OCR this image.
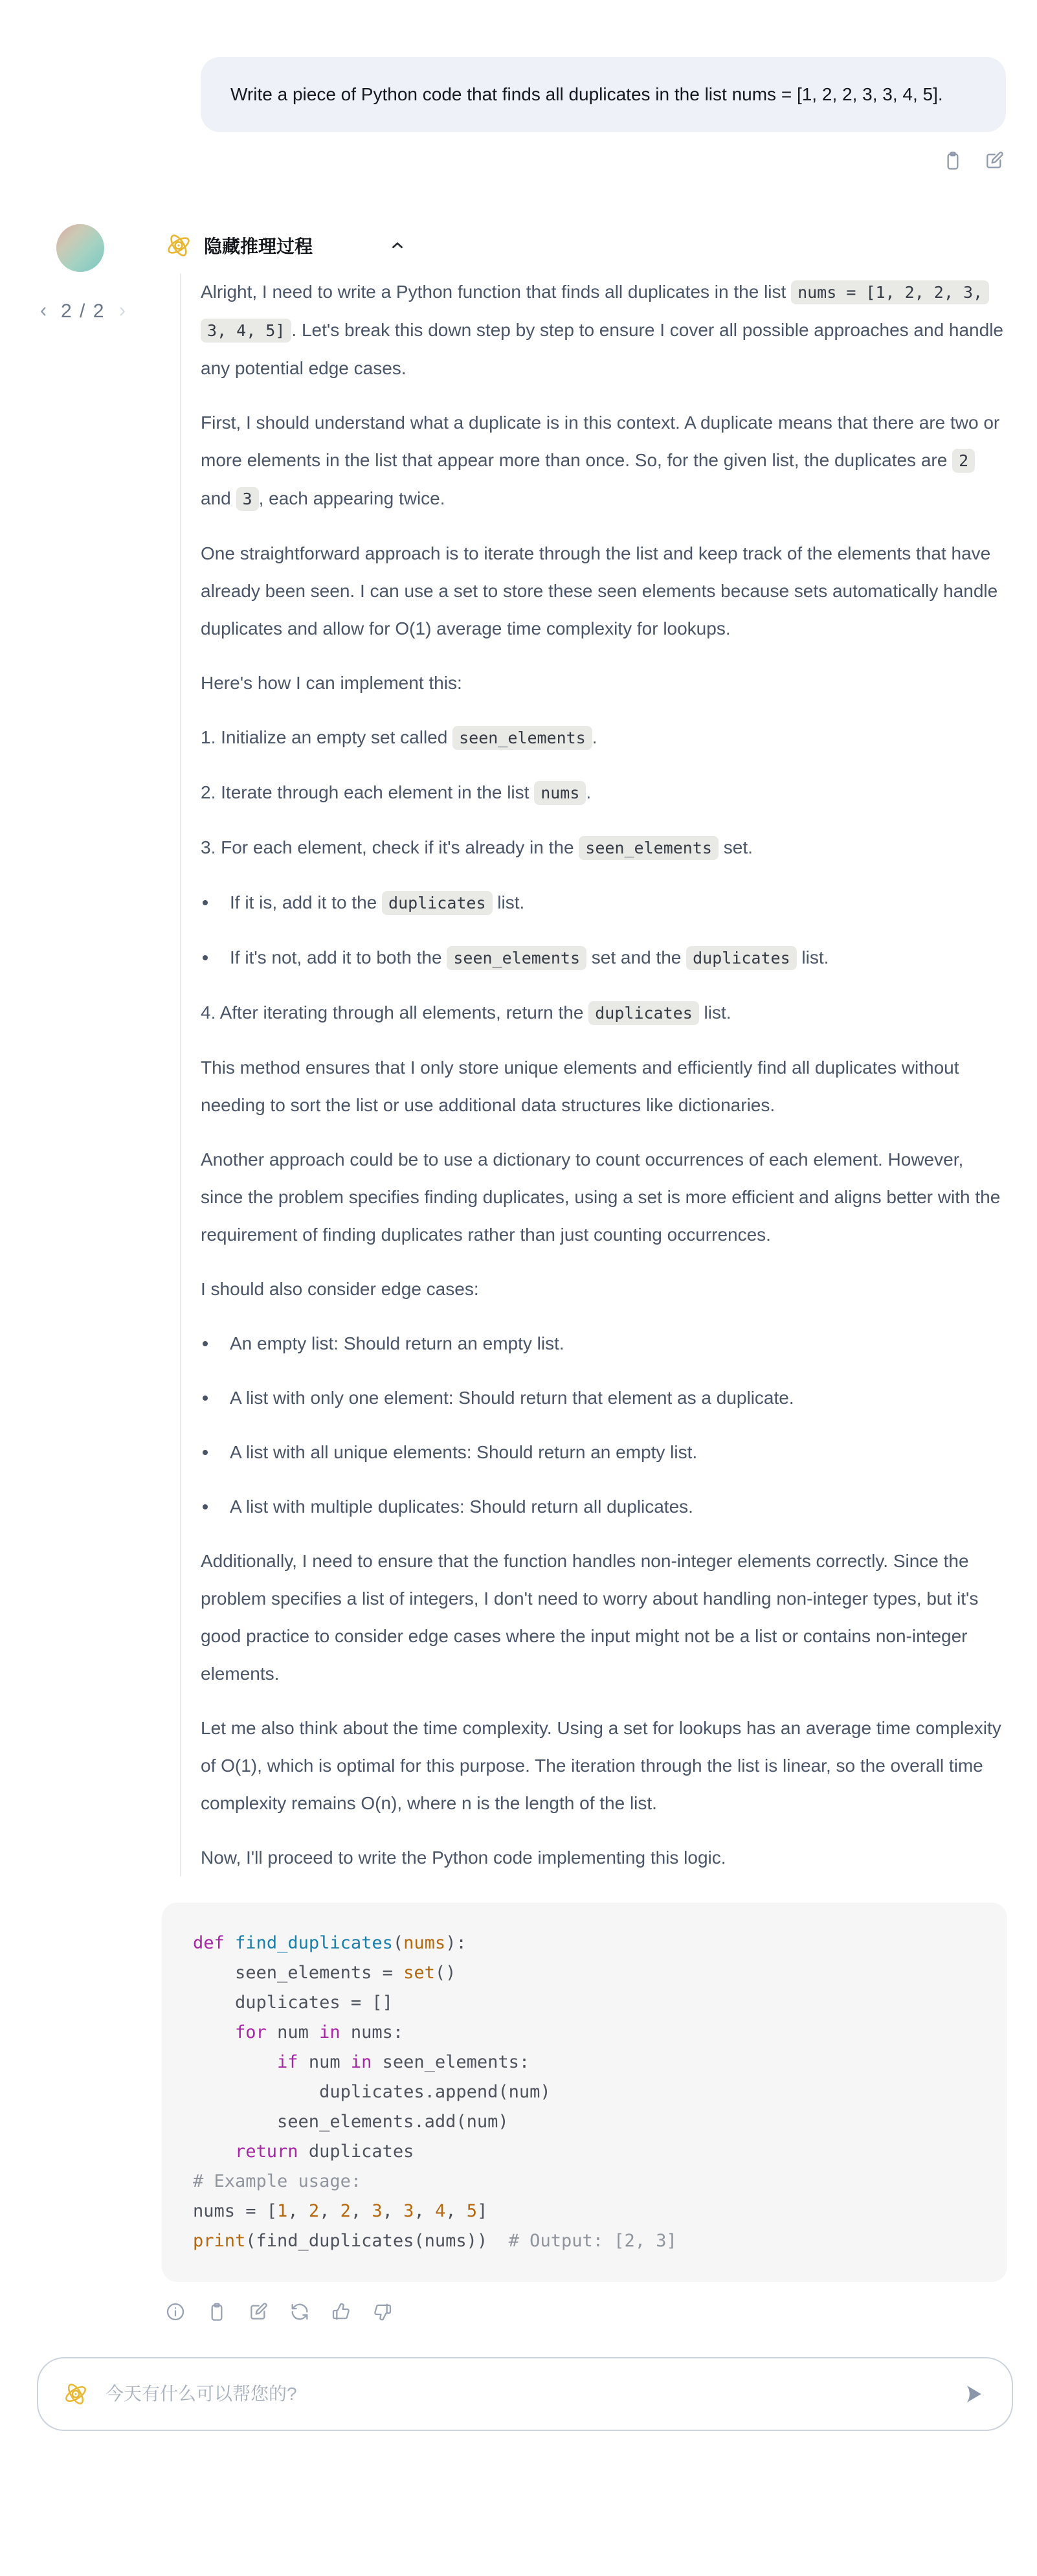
Write a piece of Python code that finds all duplicates in the list nums = [1, 2, 2, 3, 3, 4, 5].
2 / 2
隐藏推理过程
Alright, I need to write a Python function that finds all duplicates in the list nums = [1, 2, 2, 3, 3, 4, 5] . Let's break this down step by step to ensure I cover all possible approaches and handle any potential edge cases.
First, I should understand what a duplicate is in this context. A duplicate means that there are two or more elements in the list that appear more than once. So, for the given list, the duplicates are 2 and 3 , each appearing twice.
One straightforward approach is to iterate through the list and keep track of the elements that have already been seen. I can use a set to store these seen elements because sets automatically handle duplicates and allow for O(1) average time complexity for lookups.
Here's how I can implement this:
1. Initialize an empty set called seen_elements .
2. Iterate through each element in the list nums .
3. For each element, check if it's already in the seen_elements set.
If it is, add it to the duplicates list.
If it's not, add it to both the seen_elements set and the duplicates list.
4. After iterating through all elements, return the duplicates list.
This method ensures that I only store unique elements and efficiently find all duplicates without needing to sort the list or use additional data structures like dictionaries.
Another approach could be to use a dictionary to count occurrences of each element. However, since the problem specifies finding duplicates, using a set is more efficient and aligns better with the requirement of finding duplicates rather than just counting occurrences.
I should also consider edge cases:
An empty list: Should return an empty list.
A list with only one element: Should return that element as a duplicate.
A list with all unique elements: Should return an empty list.
A list with multiple duplicates: Should return all duplicates.
Additionally, I need to ensure that the function handles non-integer elements correctly. Since the problem specifies a list of integers, I don't need to worry about handling non-integer types, but it's good practice to consider edge cases where the input might not be a list or contains non-integer elements.
Let me also think about the time complexity. Using a set for lookups has an average time complexity of O(1), which is optimal for this purpose. The iteration through the list is linear, so the overall time complexity remains O(n), where n is the length of the list.
Now, I'll proceed to write the Python code implementing this logic.
def find_duplicates(nums):
seen_elements = set()
duplicates = []
for num in nums:
if num in seen_elements:
duplicates.append(num)
seen_elements.add(num)
return duplicates
# Example usage:
nums = [1, 2, 2, 3, 3, 4, 5]
print(find_duplicates(nums))  # Output: [2, 3]
今天有什么可以帮您的?
